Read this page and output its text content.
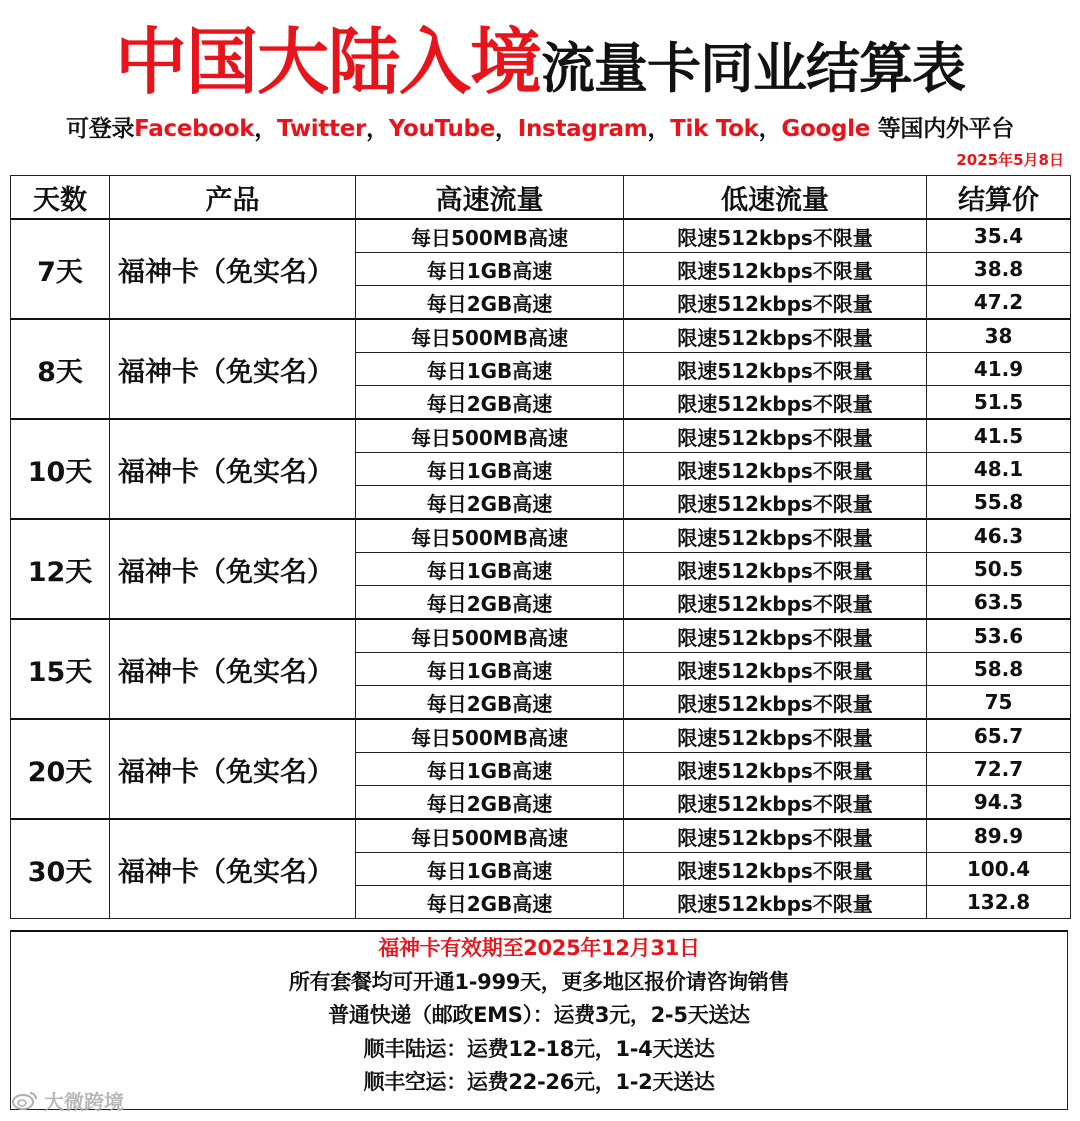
中国大陆入境 流量卡同业结算表
可登录Facebook，Twitter，YouTube，Instagram，Tik Tok，Google 等国内外平台
2025年5月8日
天数	产品	高速流量	低速流量	结算价
7天	福神卡（免实名）	每日500MB高速	限速512kbps不限量	35.4
		每日1GB高速	限速512kbps不限量	38.8
		每日2GB高速	限速512kbps不限量	47.2
8天	福神卡（免实名）	每日500MB高速	限速512kbps不限量	38
		每日1GB高速	限速512kbps不限量	41.9
		每日2GB高速	限速512kbps不限量	51.5
10天	福神卡（免实名）	每日500MB高速	限速512kbps不限量	41.5
		每日1GB高速	限速512kbps不限量	48.1
		每日2GB高速	限速512kbps不限量	55.8
12天	福神卡（免实名）	每日500MB高速	限速512kbps不限量	46.3
		每日1GB高速	限速512kbps不限量	50.5
		每日2GB高速	限速512kbps不限量	63.5
15天	福神卡（免实名）	每日500MB高速	限速512kbps不限量	53.6
		每日1GB高速	限速512kbps不限量	58.8
		每日2GB高速	限速512kbps不限量	75
20天	福神卡（免实名）	每日500MB高速	限速512kbps不限量	65.7
		每日1GB高速	限速512kbps不限量	72.7
		每日2GB高速	限速512kbps不限量	94.3
30天	福神卡（免实名）	每日500MB高速	限速512kbps不限量	89.9
		每日1GB高速	限速512kbps不限量	100.4
		每日2GB高速	限速512kbps不限量	132.8
福神卡有效期至2025年12月31日
所有套餐均可开通1-999天，更多地区报价请咨询销售
普通快递（邮政EMS）：运费3元，2-5天送达
顺丰陆运：运费12-18元，1-4天送达
顺丰空运：运费22-26元，1-2天送达
大微跨境
